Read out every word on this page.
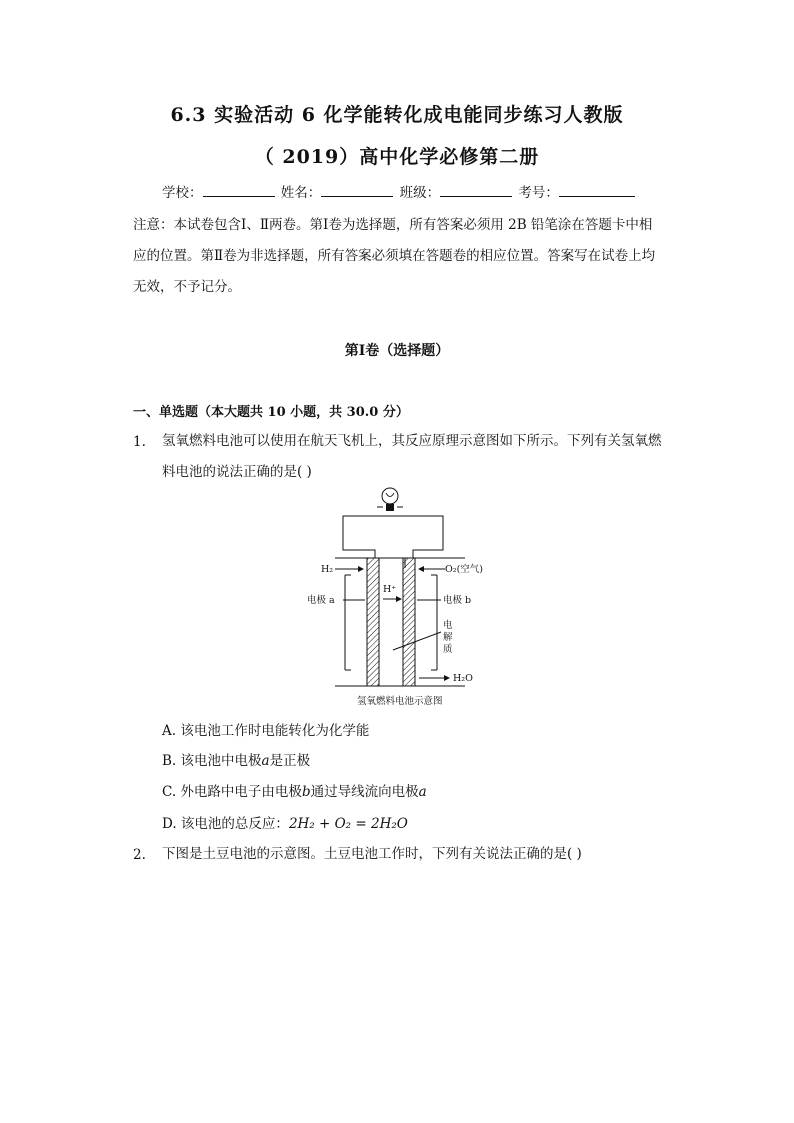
6.3 实验活动 6 化学能转化成电能同步练习人教版
（ 2019）高中化学必修第二册
学校：	姓名：	班级：	考号：

注意：本试卷包含Ⅰ、Ⅱ两卷。第Ⅰ卷为选择题，所有答案必须用 2B 铅笔涂在答题卡中相应的位置。第Ⅱ卷为非选择题，所有答案必须填在答题卷的相应位置。答案写在试卷上均无效，不予记分。

第Ⅰ卷（选择题）
一、单选题（本大题共 10 小题，共 30.0 分）
1. 氢氧燃料电池可以使用在航天飞机上，其反应原理示意图如下所示。下列有关氢氧燃料电池的说法正确的是( )

H₂	O₂(空气)
H⁺
电极 a	电极 b
电
解
质
H₂O
氢氧燃料电池示意图
A. 该电池工作时电能转化为化学能
B. 该电池中电极a是正极
C. 外电路中电子由电极b通过导线流向电极a
D. 该电池的总反应：2H₂ + O₂ = 2H₂O
2. 下图是土豆电池的示意图。土豆电池工作时，下列有关说法正确的是( )
